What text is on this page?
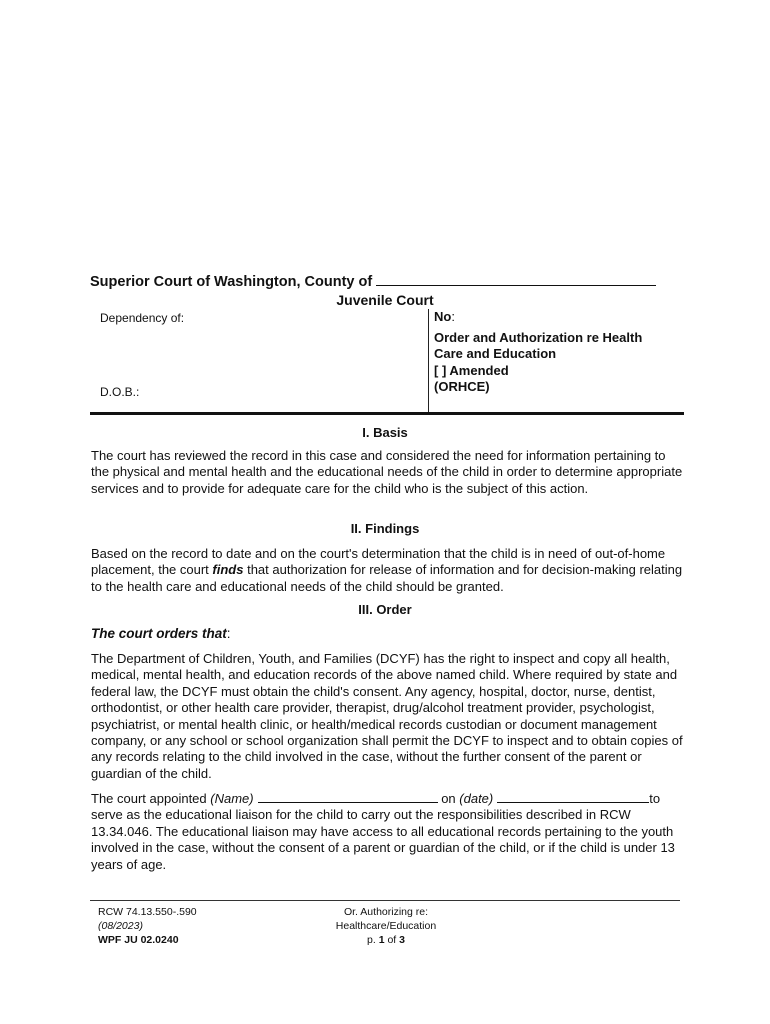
Superior Court of Washington, County of
Juvenile Court
Dependency of:
D.O.B.:
No:
Order and Authorization re Health
Care and Education
[ ] Amended
(ORHCE)
I. Basis

The court has reviewed the record in this case and considered the need for information pertaining to the physical and mental health and the educational needs of the child in order to determine appropriate services and to provide for adequate care for the child who is the subject of this action.

II. Findings

Based on the record to date and on the court's determination that the child is in need of out-of-home placement, the court finds that authorization for release of information and for decision-making relating to the health care and educational needs of the child should be granted.

III. Order

The court orders that:

The Department of Children, Youth, and Families (DCYF) has the right to inspect and copy all health, medical, mental health, and education records of the above named child. Where required by state and federal law, the DCYF must obtain the child's consent. Any agency, hospital, doctor, nurse, dentist, orthodontist, or other health care provider, therapist, drug/alcohol treatment provider, psychologist, psychiatrist, or mental health clinic, or health/medical records custodian or document management company, or any school or school organization shall permit the DCYF to inspect and to obtain copies of any records relating to the child involved in the case, without the further consent of the parent or guardian of the child.

The court appointed (Name)	on (date)	to serve as the educational liaison for the child to carry out the responsibilities described in RCW 13.34.046. The educational liaison may have access to all educational records pertaining to the youth involved in the case, without the consent of a parent or guardian of the child, or if the child is under 13 years of age.

RCW 74.13.550-.590
(08/2023)
WPF JU 02.0240
Or. Authorizing re:
Healthcare/Education
p. 1 of 3
